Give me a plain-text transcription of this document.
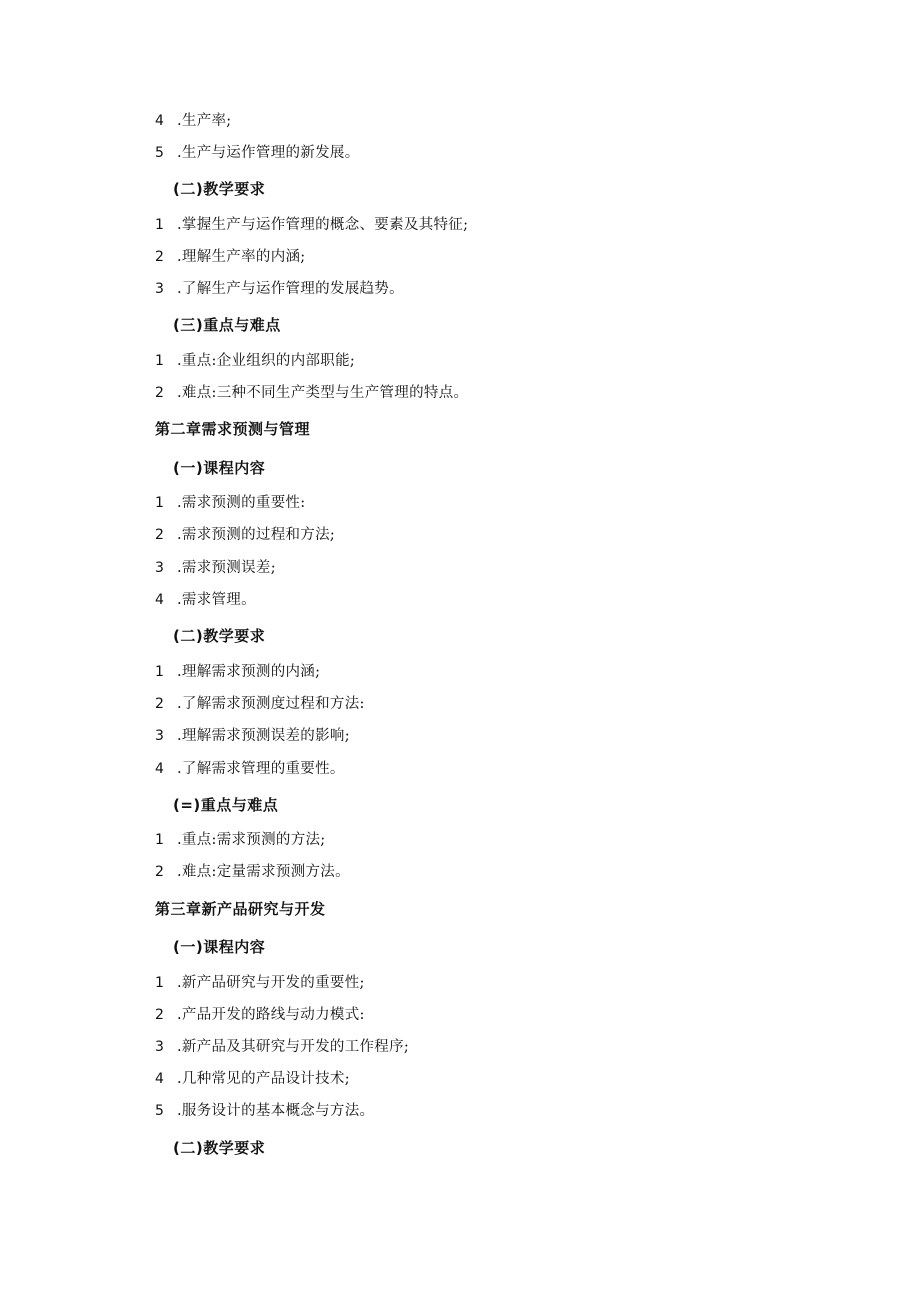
4 .生产率;
5 .生产与运作管理的新发展。
(二)教学要求
1 .掌握生产与运作管理的概念、要素及其特征;
2 .理解生产率的内涵;
3 .了解生产与运作管理的发展趋势。
(三)重点与难点
1 .重点:企业组织的内部职能;
2 .难点:三种不同生产类型与生产管理的特点。
第二章需求预测与管理
(一)课程内容
1 .需求预测的重要性:
2 .需求预测的过程和方法;
3 .需求预测误差;
4 .需求管理。
(二)教学要求
1 .理解需求预测的内涵;
2 .了解需求预测度过程和方法:
3 .理解需求预测误差的影响;
4 .了解需求管理的重要性。
(=)重点与难点
1 .重点:需求预测的方法;
2 .难点:定量需求预测方法。
第三章新产品研究与开发
(一)课程内容
1 .新产品研究与开发的重要性;
2 .产品开发的路线与动力模式:
3 .新产品及其研究与开发的工作程序;
4 .几种常见的产品设计技术;
5 .服务设计的基本概念与方法。
(二)教学要求
